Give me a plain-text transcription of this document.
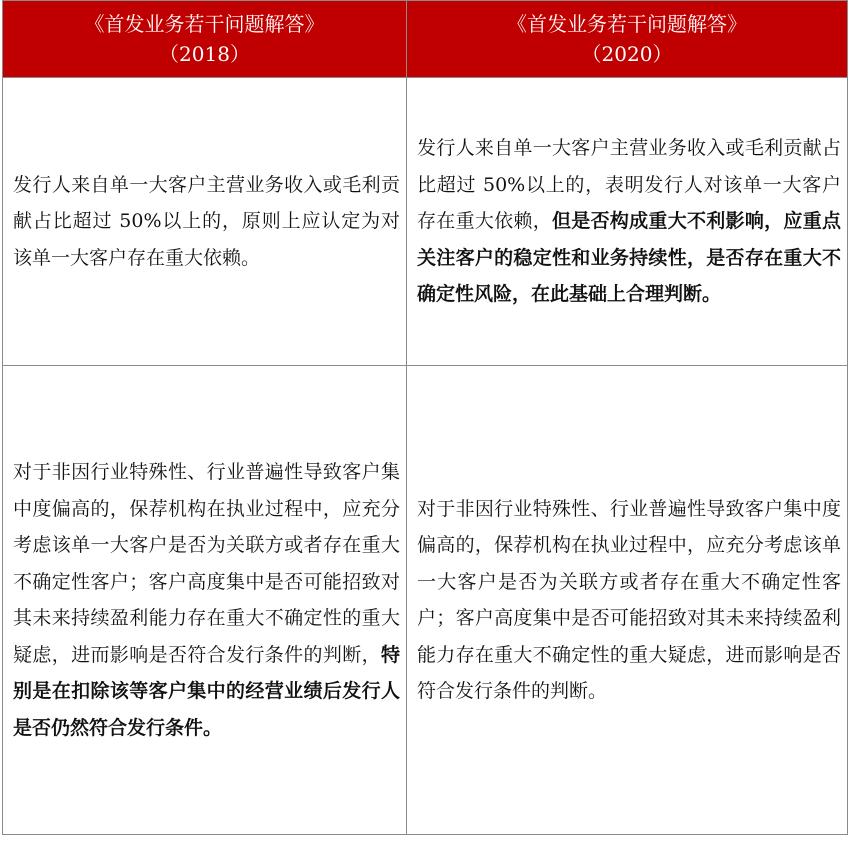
《首发业务若干问题解答》
（2018）	《首发业务若干问题解答》
（2020）

发行人来自单一大客户主营业务收入或毛利贡献占比超过 50%以上的，原则上应认定为对该单一大客户存在重大依赖。	发行人来自单一大客户主营业务收入或毛利贡献占比超过 50%以上的，表明发行人对该单一大客户存在重大依赖，但是否构成重大不利影响，应重点关注客户的稳定性和业务持续性，是否存在重大不确定性风险，在此基础上合理判断。
对于非因行业特殊性、行业普遍性导致客户集中度偏高的，保荐机构在执业过程中，应充分考虑该单一大客户是否为关联方或者存在重大不确定性客户；客户高度集中是否可能招致对其未来持续盈利能力存在重大不确定性的重大疑虑，进而影响是否符合发行条件的判断，特别是在扣除该等客户集中的经营业绩后发行人是否仍然符合发行条件。	对于非因行业特殊性、行业普遍性导致客户集中度偏高的，保荐机构在执业过程中，应充分考虑该单一大客户是否为关联方或者存在重大不确定性客户；客户高度集中是否可能招致对其未来持续盈利能力存在重大不确定性的重大疑虑，进而影响是否符合发行条件的判断。
